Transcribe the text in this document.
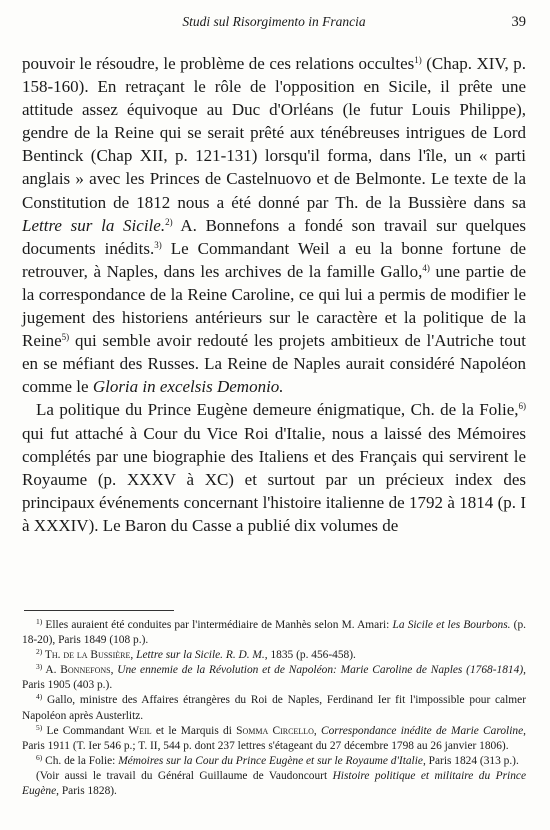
Studi sul Risorgimento in Francia	39

pouvoir le résoudre, le problème de ces relations occultes$^{1)}$ (Chap. XIV, p. 158-160). En retraçant le rôle de l'opposition en Sicile, il prête une attitude assez équivoque au Duc d'Orléans (le futur Louis Philippe), gendre de la Reine qui se serait prêté aux ténébreuses intrigues de Lord Bentinck (Chap XII, p. 121-131) lorsqu'il forma, dans l'île, un « parti anglais » avec les Princes de Castelnuovo et de Belmonte. Le texte de la Constitution de 1812 nous a été donné par Th. de la Bussière dans sa Lettre sur la Sicile.$^{2)}$ A. Bonnefons a fondé son travail sur quelques documents inédits.$^{3)}$ Le Commandant Weil a eu la bonne fortune de retrouver, à Naples, dans les archives de la famille Gallo,$^{4)}$ une partie de la correspondance de la Reine Caroline, ce qui lui a permis de modifier le jugement des historiens antérieurs sur le caractère et la politique de la Reine$^{5)}$ qui semble avoir redouté les projets ambitieux de l'Autriche tout en se méfiant des Russes. La Reine de Naples aurait considéré Napoléon comme le Gloria in excelsis Demonio.

La politique du Prince Eugène demeure énigmatique, Ch. de la Folie,$^{6)}$ qui fut attaché à Cour du Vice Roi d'Italie, nous a laissé des Mémoires complétés par une biographie des Italiens et des Français qui servirent le Royaume (p. XXXV à XC) et surtout par un précieux index des principaux événements concernant l'histoire italienne de 1792 à 1814 (p. I à XXXIV). Le Baron du Casse a publié dix volumes de

$^{1)}$ Elles auraient été conduites par l'intermédiaire de Manhès selon M. Amari: La Sicile et les Bourbons. (p. 18-20), Paris 1849 (108 p.).

$^{2)}$ Th. de la Bussière, Lettre sur la Sicile. R. D. M., 1835 (p. 456-458).

$^{3)}$ A. Bonnefons, Une ennemie de la Révolution et de Napoléon: Marie Caroline de Naples (1768-1814), Paris 1905 (403 p.).

$^{4)}$ Gallo, ministre des Affaires étrangères du Roi de Naples, Ferdinand Ier fit l'impossible pour calmer Napoléon après Austerlitz.

$^{5)}$ Le Commandant Weil et le Marquis di Somma Circello, Correspondance inédite de Marie Caroline, Paris 1911 (T. Ier 546 p.; T. II, 544 p. dont 237 lettres s'étageant du 27 décembre 1798 au 26 janvier 1806).

$^{6)}$ Ch. de la Folie: Mémoires sur la Cour du Prince Eugène et sur le Royaume d'Italie, Paris 1824 (313 p.).

(Voir aussi le travail du Général Guillaume de Vaudoncourt Histoire politique et militaire du Prince Eugène, Paris 1828).
